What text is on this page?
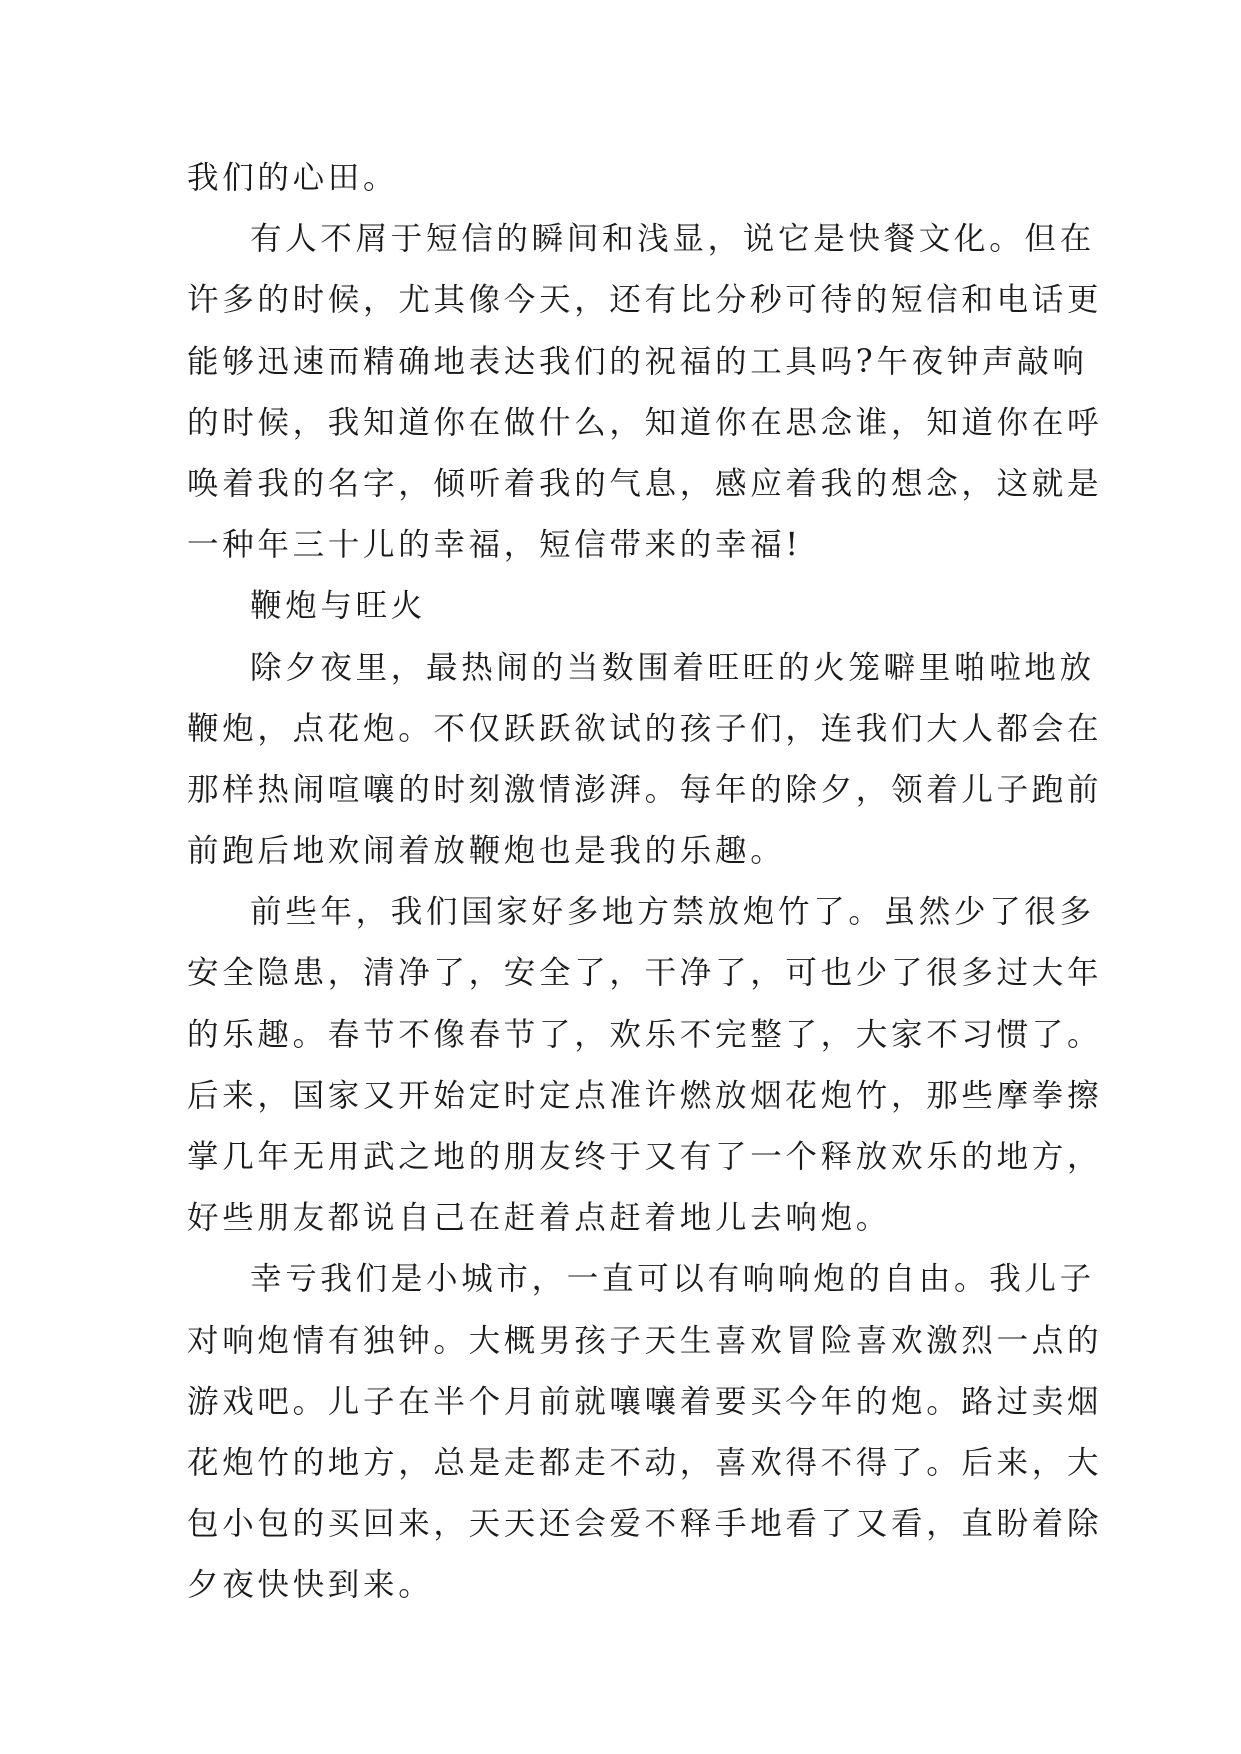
我们的心田。
有人不屑于短信的瞬间和浅显，说它是快餐文化。但在
许多的时候，尤其像今天，还有比分秒可待的短信和电话更
能够迅速而精确地表达我们的祝福的工具吗?午夜钟声敲响
的时候，我知道你在做什么，知道你在思念谁，知道你在呼
唤着我的名字，倾听着我的气息，感应着我的想念，这就是
一种年三十儿的幸福，短信带来的幸福!
鞭炮与旺火
除夕夜里，最热闹的当数围着旺旺的火笼噼里啪啦地放
鞭炮，点花炮。不仅跃跃欲试的孩子们，连我们大人都会在
那样热闹喧嚷的时刻激情澎湃。每年的除夕，领着儿子跑前
前跑后地欢闹着放鞭炮也是我的乐趣。
前些年，我们国家好多地方禁放炮竹了。虽然少了很多
安全隐患，清净了，安全了，干净了，可也少了很多过大年
的乐趣。春节不像春节了，欢乐不完整了，大家不习惯了。
后来，国家又开始定时定点准许燃放烟花炮竹，那些摩拳擦
掌几年无用武之地的朋友终于又有了一个释放欢乐的地方，
好些朋友都说自己在赶着点赶着地儿去响炮。
幸亏我们是小城市，一直可以有响响炮的自由。我儿子
对响炮情有独钟。大概男孩子天生喜欢冒险喜欢激烈一点的
游戏吧。儿子在半个月前就嚷嚷着要买今年的炮。路过卖烟
花炮竹的地方，总是走都走不动，喜欢得不得了。后来，大
包小包的买回来，天天还会爱不释手地看了又看，直盼着除
夕夜快快到来。
